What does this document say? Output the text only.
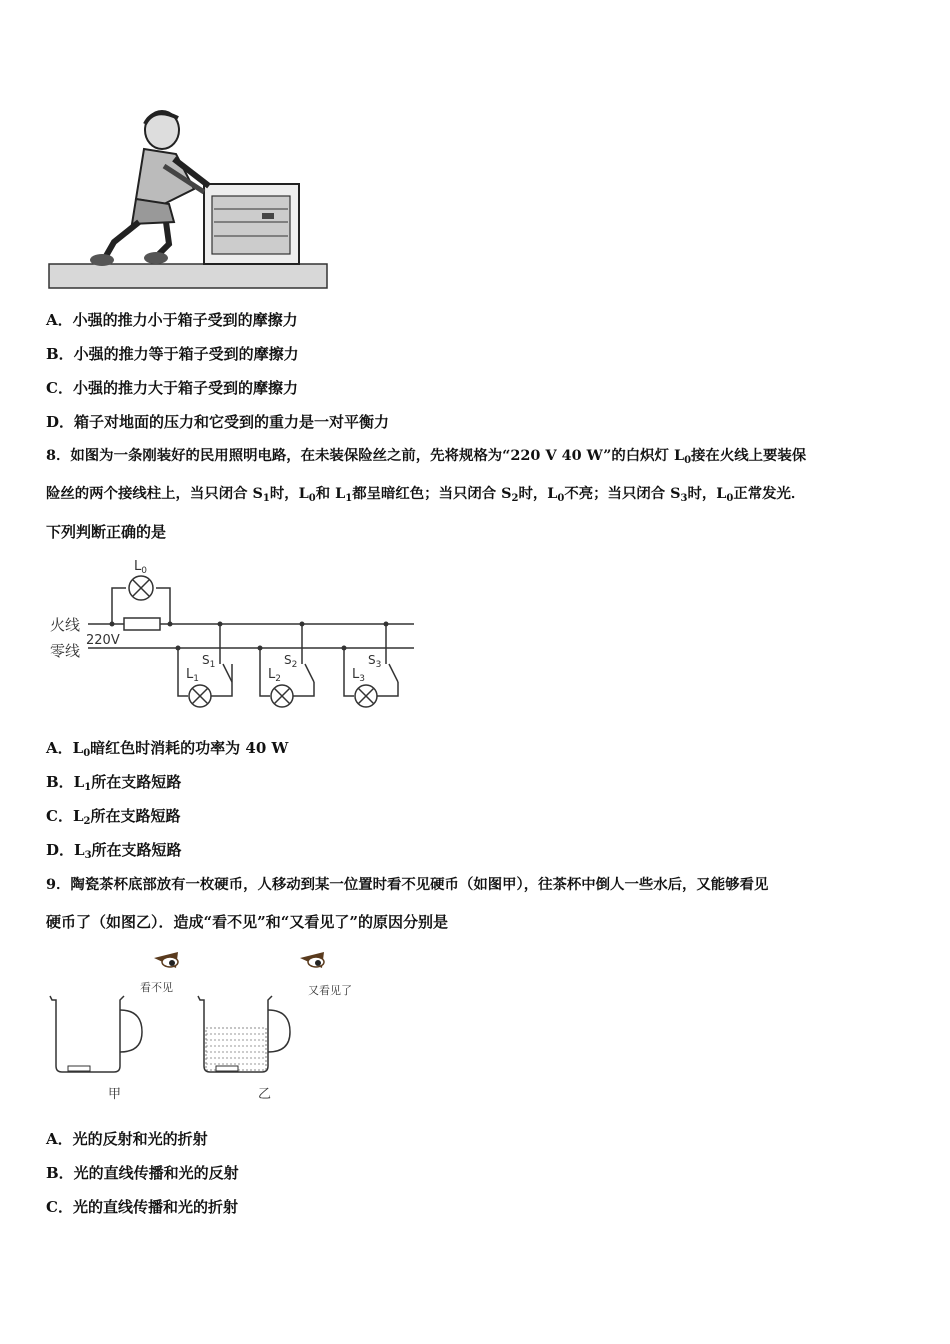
A．小强的推力小于箱子受到的摩擦力
B．小强的推力等于箱子受到的摩擦力
C．小强的推力大于箱子受到的摩擦力
D．箱子对地面的压力和它受到的重力是一对平衡力
8．如图为一条刚装好的民用照明电路，在未装保险丝之前，先将规格为“220 V 40 W”的白炽灯 $L_0$接在火线上要装保
险丝的两个接线柱上，当只闭合 $S_1$时，$L_0$和 $L_1$都呈暗红色；当只闭合 $S_2$时，$L_0$不亮；当只闭合 $S_3$时，$L_0$正常发光．
下列判断正确的是
火线
零线
220V
$L_0$
$S_1$	$S_2$	$S_3$
$L_1$	$L_2$	$L_3$
A．$L_0$暗红色时消耗的功率为 40 W
B．$L_1$所在支路短路
C．$L_2$所在支路短路
D．$L_3$所在支路短路
9．陶瓷茶杯底部放有一枚硬币，人移动到某一位置时看不见硬币（如图甲），往茶杯中倒人一些水后，又能够看见
硬币了（如图乙）．造成“看不见”和“又看见了”的原因分别是
看不见	又看见了
甲	乙
A．光的反射和光的折射
B．光的直线传播和光的反射
C．光的直线传播和光的折射
